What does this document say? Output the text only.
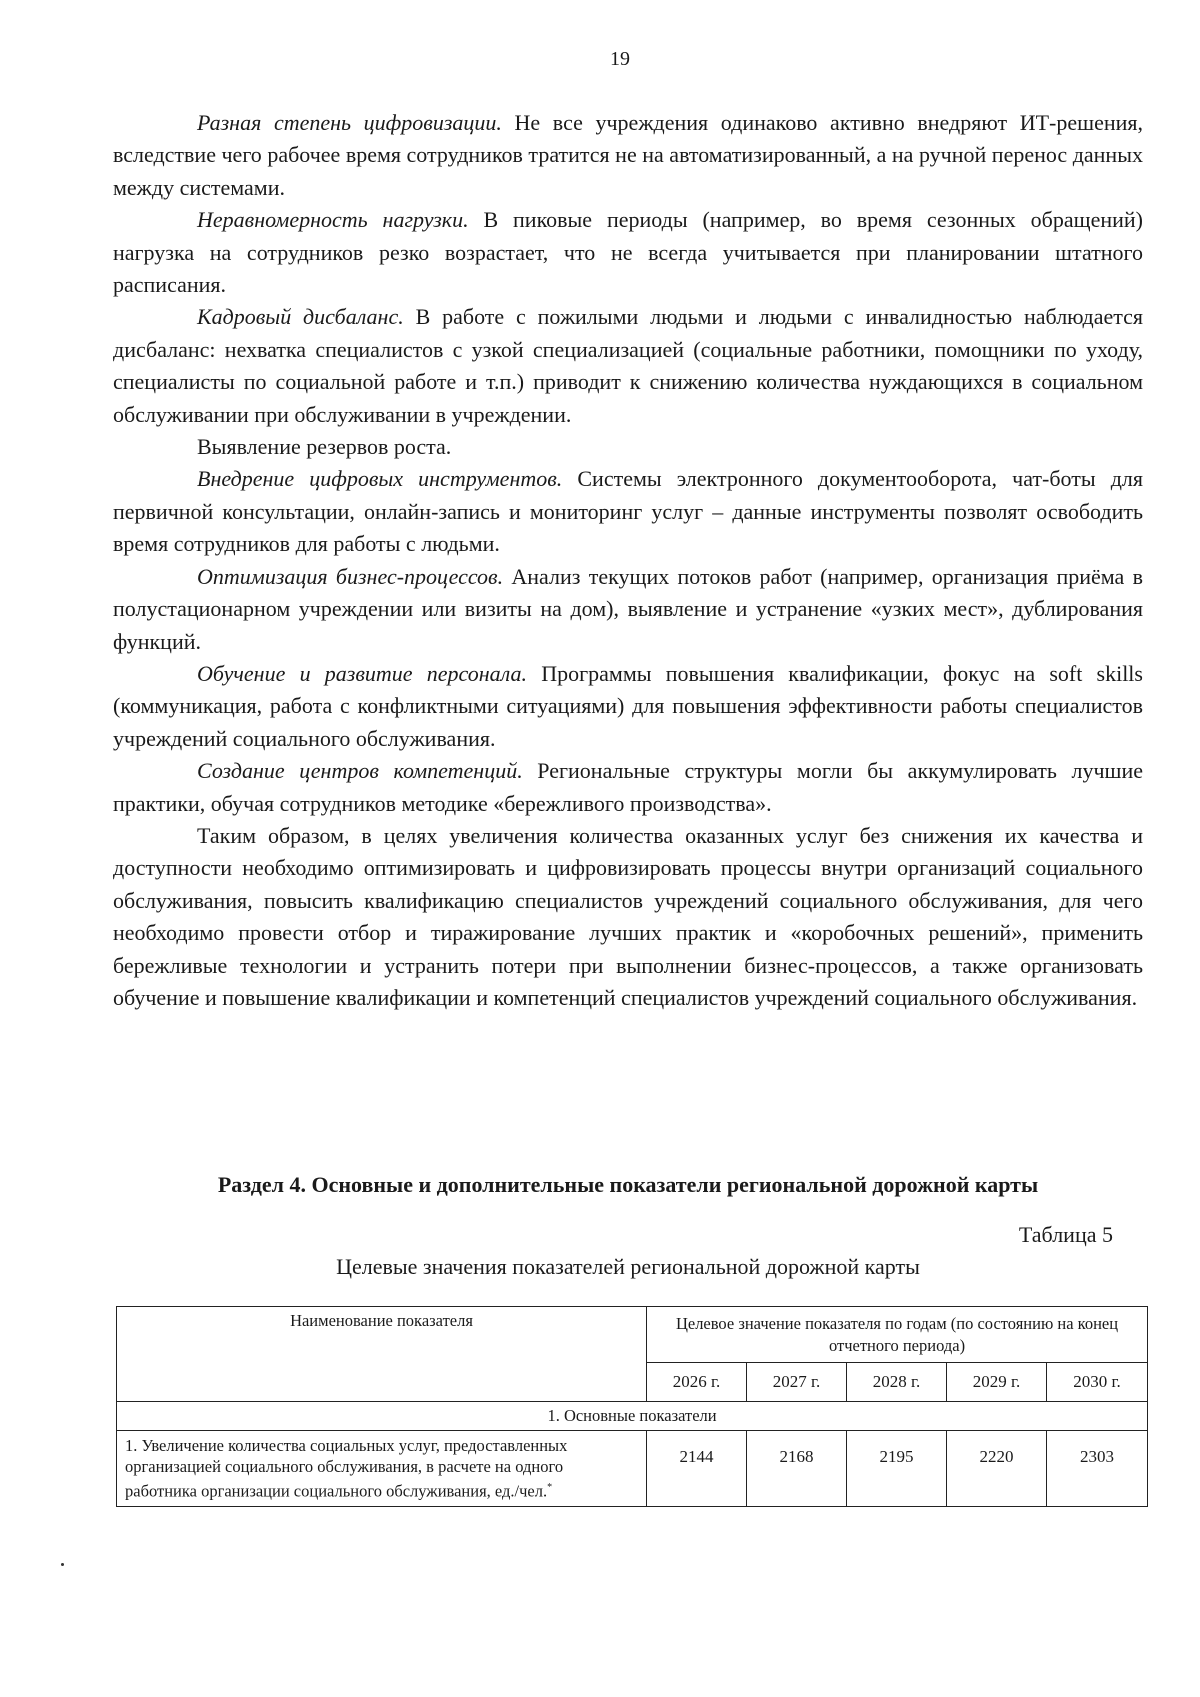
19

Разная степень цифровизации. Не все учреждения одинаково активно внедряют ИТ-решения, вследствие чего рабочее время сотрудников тратится не на автоматизированный, а на ручной перенос данных между системами.

Неравномерность нагрузки. В пиковые периоды (например, во время сезонных обращений) нагрузка на сотрудников резко возрастает, что не всегда учитывается при планировании штатного расписания.

Кадровый дисбаланс. В работе с пожилыми людьми и людьми с инвалидностью наблюдается дисбаланс: нехватка специалистов с узкой специализацией (социальные работники, помощники по уходу, специалисты по социальной работе и т.п.) приводит к снижению количества нуждающихся в социальном обслуживании при обслуживании в учреждении.

Выявление резервов роста.

Внедрение цифровых инструментов. Системы электронного документооборота, чат-боты для первичной консультации, онлайн-запись и мониторинг услуг – данные инструменты позволят освободить время сотрудников для работы с людьми.

Оптимизация бизнес-процессов. Анализ текущих потоков работ (например, организация приёма в полустационарном учреждении или визиты на дом), выявление и устранение «узких мест», дублирования функций.

Обучение и развитие персонала. Программы повышения квалификации, фокус на soft skills (коммуникация, работа с конфликтными ситуациями) для повышения эффективности работы специалистов учреждений социального обслуживания.

Создание центров компетенций. Региональные структуры могли бы аккумулировать лучшие практики, обучая сотрудников методике «бережливого производства».

Таким образом, в целях увеличения количества оказанных услуг без снижения их качества и доступности необходимо оптимизировать и цифровизировать процессы внутри организаций социального обслуживания, повысить квалификацию специалистов учреждений социального обслуживания, для чего необходимо провести отбор и тиражирование лучших практик и «коробочных решений», применить бережливые технологии и устранить потери при выполнении бизнес-процессов, а также организовать обучение и повышение квалификации и компетенций специалистов учреждений социального обслуживания.

Раздел 4. Основные и дополнительные показатели региональной дорожной карты
Таблица 5
Целевые значения показателей региональной дорожной карты
Наименование показателя	Целевое значение показателя по годам (по состоянию на конец отчетного периода)				
	2026 г.	2027 г.	2028 г.	2029 г.	2030 г.
1. Основные показатели					
1. Увеличение количества социальных услуг, предоставленных организацией социального обслуживания, в расчете на одного работника организации социального обслуживания, ед./чел.*	2144	2168	2195	2220	2303
